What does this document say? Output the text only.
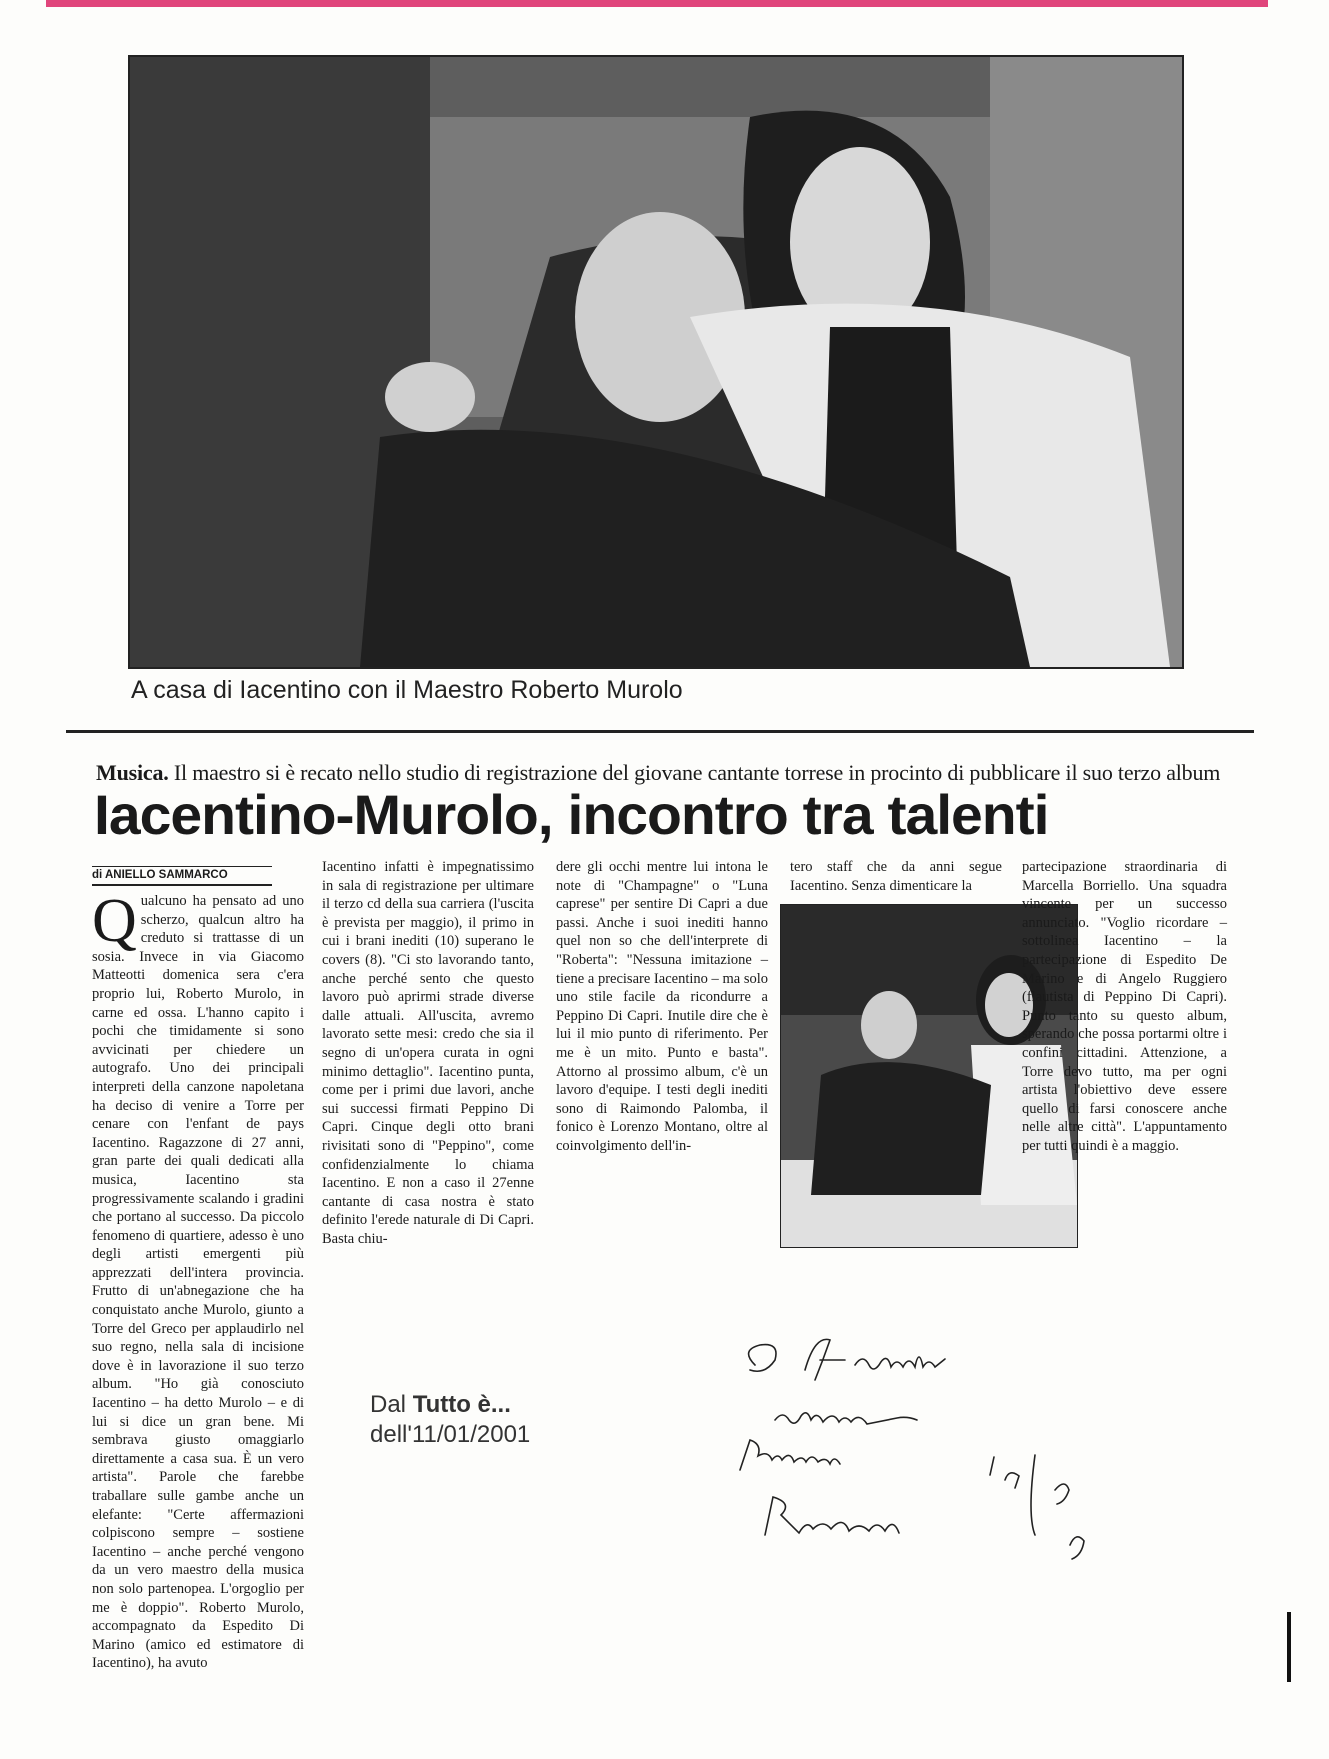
A casa di Iacentino con il Maestro Roberto Murolo
Musica. Il maestro si è recato nello studio di registrazione del giovane cantante torrese in procinto di pubblicare il suo terzo album
Iacentino-Murolo, incontro tra talenti
di ANIELLO SAMMARCO
Q ualcuno ha pensato ad uno scherzo, qualcun altro ha creduto si trattasse di un sosia. Invece in via Giacomo Matteotti domenica sera c'era proprio lui, Roberto Murolo, in carne ed ossa. L'hanno capito i pochi che timidamente si sono avvicinati per chiedere un autografo. Uno dei principali interpreti della canzone napoletana ha deciso di venire a Torre per cenare con l'enfant de pays Iacentino. Ragazzone di 27 anni, gran parte dei quali dedicati alla musica, Iacentino sta progressivamente scalando i gradini che portano al successo. Da piccolo fenomeno di quartiere, adesso è uno degli artisti emergenti più apprezzati dell'intera provincia. Frutto di un'abnegazione che ha conquistato anche Murolo, giunto a Torre del Greco per applaudirlo nel suo regno, nella sala di incisione dove è in lavorazione il suo terzo album. "Ho già conosciuto Iacentino – ha detto Murolo – e di lui si dice un gran bene. Mi sembrava giusto omaggiarlo direttamente a casa sua. È un vero artista". Parole che farebbe traballare sulle gambe anche un elefante: "Certe affermazioni colpiscono sempre – sostiene Iacentino – anche perché vengono da un vero maestro della musica non solo partenopea. L'orgoglio per me è doppio". Roberto Murolo, accompagnato da Espedito Di Marino (amico ed estimatore di Iacentino), ha avuto

Iacentino infatti è impegnatissimo in sala di registrazione per ultimare il terzo cd della sua carriera (l'uscita è prevista per maggio), il primo in cui i brani inediti (10) superano le covers (8). "Ci sto lavorando tanto, anche perché sento che questo lavoro può aprirmi strade diverse dalle attuali. All'uscita, avremo lavorato sette mesi: credo che sia il segno di un'opera curata in ogni minimo dettaglio". Iacentino punta, come per i primi due lavori, anche sui successi firmati Peppino Di Capri. Cinque degli otto brani rivisitati sono di "Peppino", come confidenzialmente lo chiama Iacentino. E non a caso il 27enne cantante di casa nostra è stato definito l'erede naturale di Di Capri. Basta chiu-

dere gli occhi mentre lui intona le note di "Champagne" o "Luna caprese" per sentire Di Capri a due passi. Anche i suoi inediti hanno quel non so che dell'interprete di "Roberta": "Nessuna imitazione – tiene a precisare Iacentino – ma solo uno stile facile da ricondurre a Peppino Di Capri. Inutile dire che è lui il mio punto di riferimento. Per me è un mito. Punto e basta". Attorno al prossimo album, c'è un lavoro d'equipe. I testi degli inediti sono di Raimondo Palomba, il fonico è Lorenzo Montano, oltre al coinvolgimento dell'in-

tero staff che da anni segue Iacentino. Senza dimenticare la

partecipazione straordinaria di Marcella Borriello. Una squadra vincente per un successo annunciato. "Voglio ricordare – sottolinea Iacentino – la partecipazione di Espedito De Marino e di Angelo Ruggiero (flautista di Peppino Di Capri). Punto tanto su questo album, sperando che possa portarmi oltre i confini cittadini. Attenzione, a Torre devo tutto, ma per ogni artista l'obiettivo deve essere quello di farsi conoscere anche nelle altre città". L'appuntamento per tutti quindi è a maggio.

Dal Tutto è...
dell'11/01/2001
